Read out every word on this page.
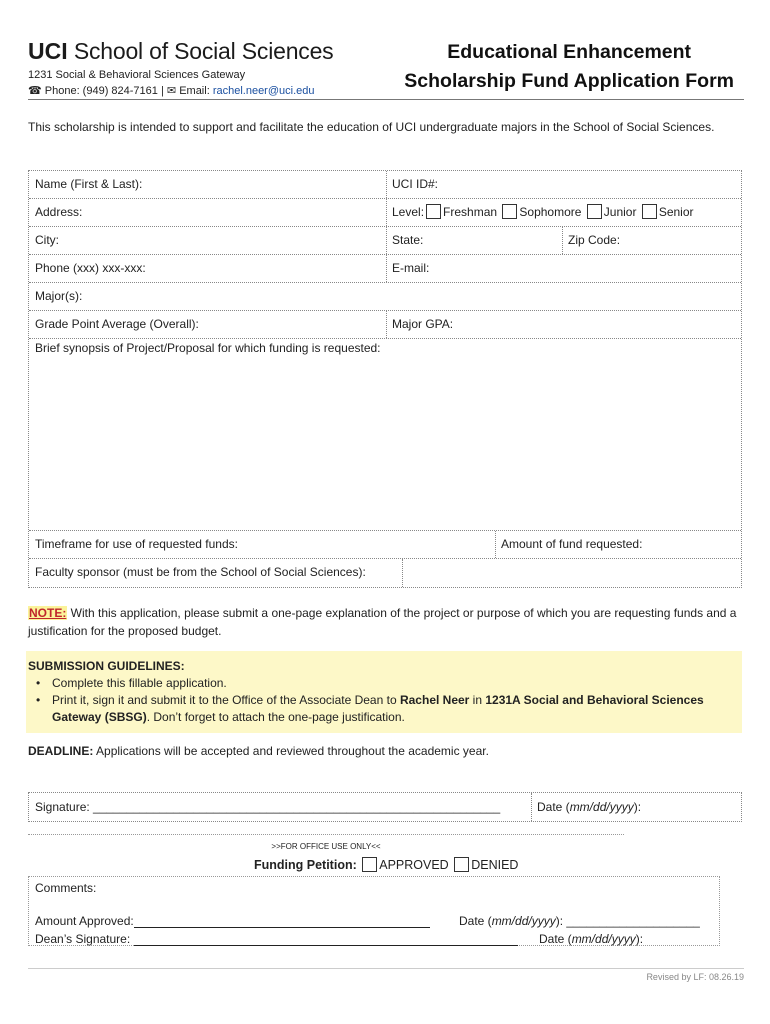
UCI School of Social Sciences
1231 Social & Behavioral Sciences Gateway
☎ Phone: (949) 824-7161 | ✉ Email: rachel.neer@uci.edu
Educational Enhancement
Scholarship Fund Application Form
This scholarship is intended to support and facilitate the education of UCI undergraduate majors in the School of Social Sciences.
Name (First & Last):	UCI ID#:
Address:	Level: Freshman Sophomore Junior Senior
City:	State:	Zip Code:
Phone (xxx) xxx-xxx:	E-mail:
Major(s):
Grade Point Average (Overall):	Major GPA:
Brief synopsis of Project/Proposal for which funding is requested:
Timeframe for use of requested funds:	Amount of fund requested:
Faculty sponsor (must be from the School of Social Sciences):
NOTE: With this application, please submit a one-page explanation of the project or purpose of which you are requesting funds and a justification for the proposed budget.
SUBMISSION GUIDELINES:
• Complete this fillable application.
• Print it, sign it and submit it to the Office of the Associate Dean to Rachel Neer in 1231A Social and Behavioral Sciences Gateway (SBSG). Don’t forget to attach the one-page justification.
DEADLINE: Applications will be accepted and reviewed throughout the academic year.
Signature: _____________________________________________________________	Date (mm/dd/yyyy):
>>FOR OFFICE USE ONLY<<
Funding Petition: APPROVED DENIED
Comments:
Amount Approved:	Date (mm/dd/yyyy): ____________________
Dean’s Signature:	Date (mm/dd/yyyy):
Revised by LF: 08.26.19
